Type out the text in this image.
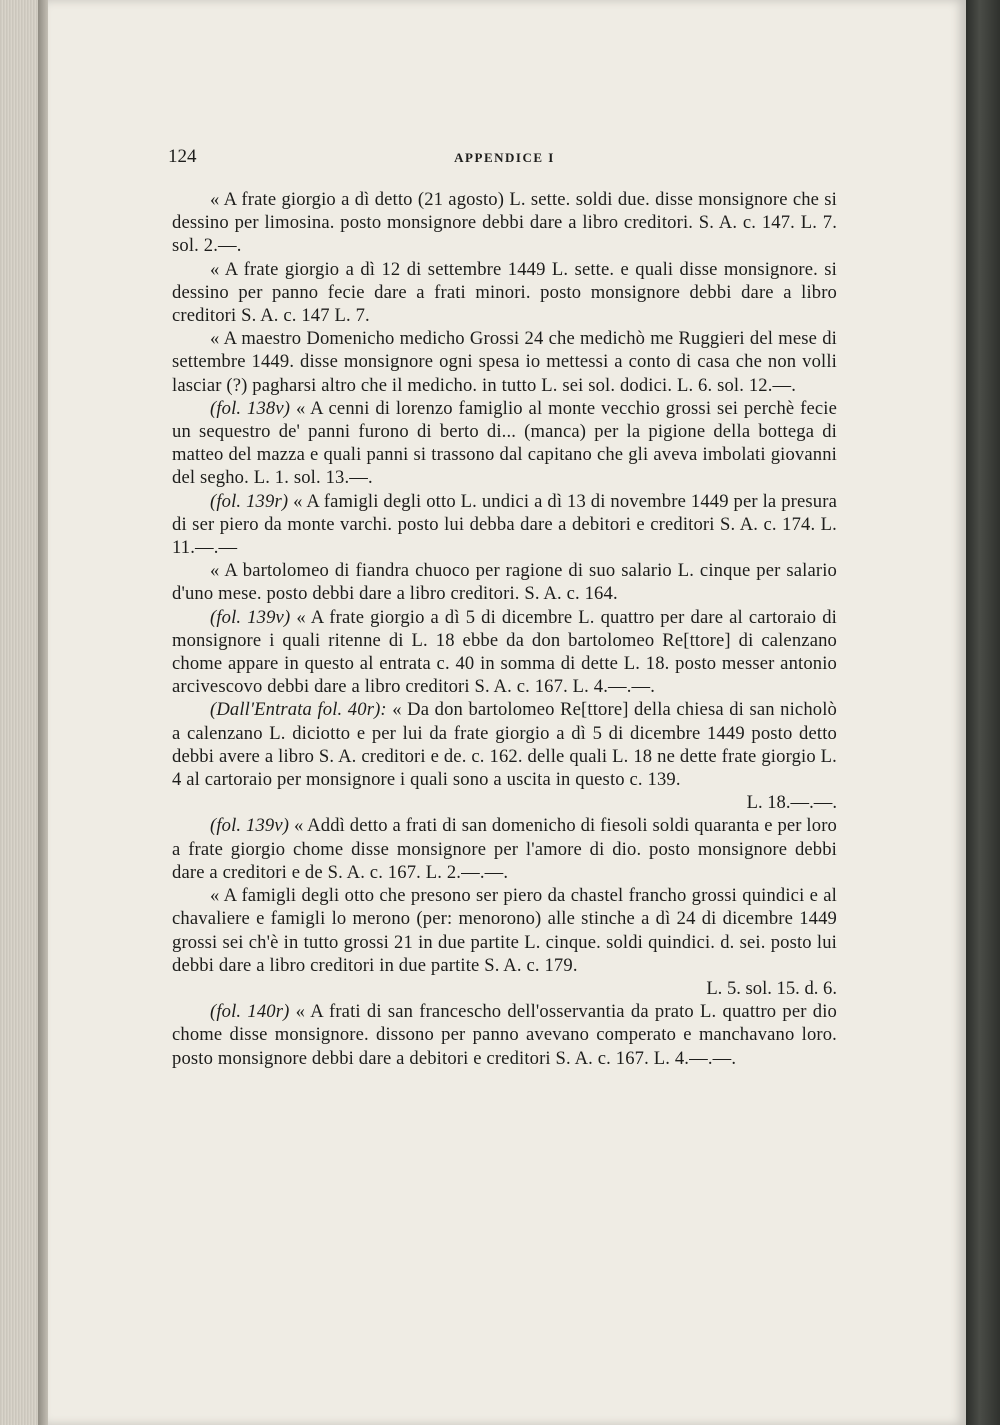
124	APPENDICE I

« A frate giorgio a dì detto (21 agosto) L. sette. soldi due. disse monsignore che si dessino per limosina. posto monsignore debbi dare a libro creditori. S. A. c. 147. L. 7. sol. 2.—.

« A frate giorgio a dì 12 di settembre 1449 L. sette. e quali disse monsignore. si dessino per panno fecie dare a frati minori. posto monsignore debbi dare a libro creditori S. A. c. 147 L. 7.

« A maestro Domenicho medicho Grossi 24 che medichò me Ruggieri del mese di settembre 1449. disse monsignore ogni spesa io mettessi a conto di casa che non volli lasciar (?) pagharsi altro che il medicho. in tutto L. sei sol. dodici. L. 6. sol. 12.—.

(fol. 138v) « A cenni di lorenzo famiglio al monte vecchio grossi sei perchè fecie un sequestro de' panni furono di berto di... (manca) per la pigione della bottega di matteo del mazza e quali panni si trassono dal capitano che gli aveva imbolati giovanni del segho. L. 1. sol. 13.—.

(fol. 139r) « A famigli degli otto L. undici a dì 13 di novembre 1449 per la presura di ser piero da monte varchi. posto lui debba dare a debitori e creditori S. A. c. 174. L. 11.—.—

« A bartolomeo di fiandra chuoco per ragione di suo salario L. cinque per salario d'uno mese. posto debbi dare a libro creditori. S. A. c. 164.

(fol. 139v) « A frate giorgio a dì 5 di dicembre L. quattro per dare al cartoraio di monsignore i quali ritenne di L. 18 ebbe da don bartolomeo Re[ttore] di calenzano chome appare in questo al entrata c. 40 in somma di dette L. 18. posto messer antonio arcivescovo debbi dare a libro creditori S. A. c. 167. L. 4.—.—.

(Dall'Entrata fol. 40r): « Da don bartolomeo Re[ttore] della chiesa di san nicholò a calenzano L. diciotto e per lui da frate giorgio a dì 5 di dicembre 1449 posto detto debbi avere a libro S. A. creditori e de. c. 162. delle quali L. 18 ne dette frate giorgio L. 4 al cartoraio per monsignore i quali sono a uscita in questo c. 139.

L. 18.—.—.

(fol. 139v) « Addì detto a frati di san domenicho di fiesoli soldi quaranta e per loro a frate giorgio chome disse monsignore per l'amore di dio. posto monsignore debbi dare a creditori e de S. A. c. 167. L. 2.—.—.

« A famigli degli otto che presono ser piero da chastel francho grossi quindici e al chavaliere e famigli lo merono (per: menorono) alle stinche a dì 24 di dicembre 1449 grossi sei ch'è in tutto grossi 21 in due partite L. cinque. soldi quindici. d. sei. posto lui debbi dare a libro creditori in due partite S. A. c. 179.

L. 5. sol. 15. d. 6.

(fol. 140r) « A frati di san francescho dell'osservantia da prato L. quattro per dio chome disse monsignore. dissono per panno avevano comperato e manchavano loro. posto monsignore debbi dare a debitori e creditori S. A. c. 167. L. 4.—.—.
